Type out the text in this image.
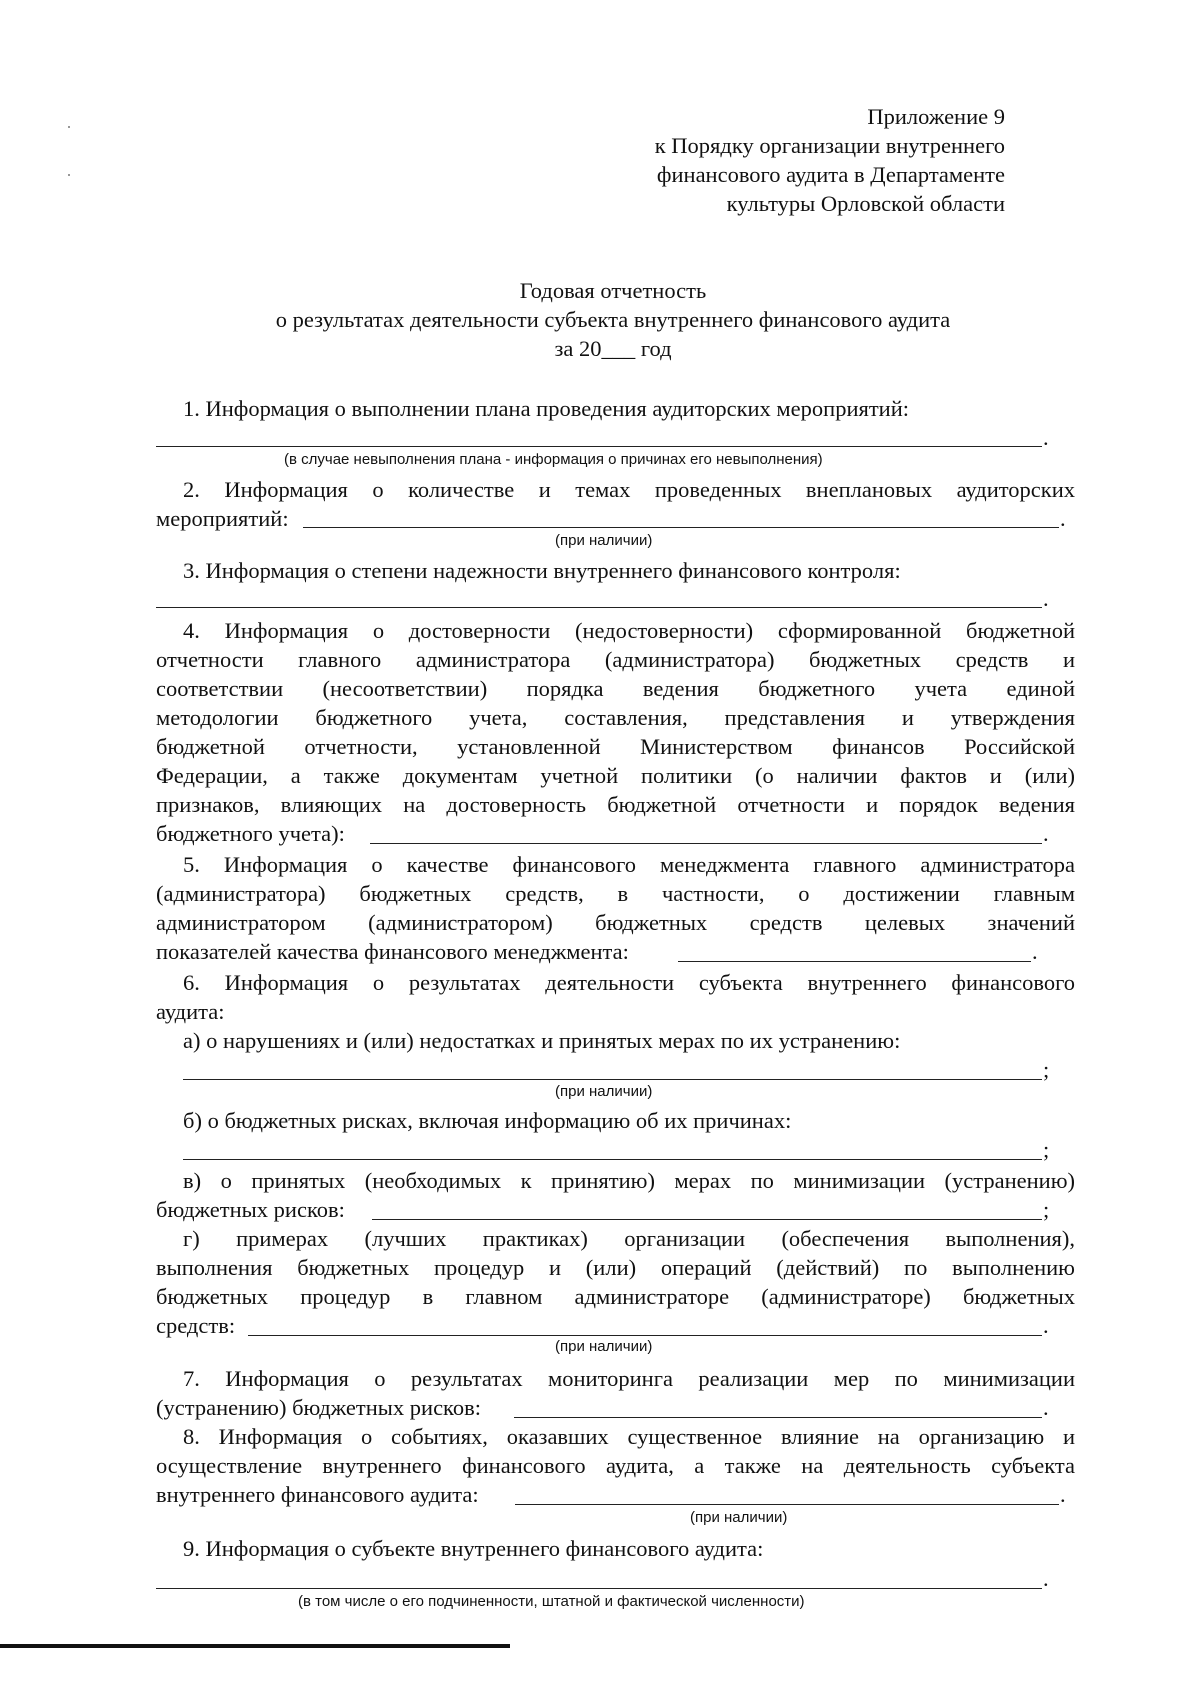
Приложение 9
к Порядку организации внутреннего
финансового аудита в Департаменте
культуры Орловской области
Годовая отчетность
о результатах деятельности субъекта внутреннего финансового аудита
за 20___ год
1. Информация о выполнении плана проведения аудиторских мероприятий:
.
(в случае невыполнения плана - информация о причинах его невыполнения)
2. Информация о количестве и темах проведенных внеплановых аудиторских
мероприятий:	.
(при наличии)
3. Информация о степени надежности внутреннего финансового контроля:
.
4. Информация о достоверности (недостоверности) сформированной бюджетной
отчетности главного администратора (администратора) бюджетных средств и
соответствии (несоответствии) порядка ведения бюджетного учета единой
методологии бюджетного учета, составления, представления и утверждения
бюджетной отчетности, установленной Министерством финансов Российской
Федерации, а также документам учетной политики (о наличии фактов и (или)
признаков, влияющих на достоверность бюджетной отчетности и порядок ведения
бюджетного учета):	.
5. Информация о качестве финансового менеджмента главного администратора
(администратора) бюджетных средств, в частности, о достижении главным
администратором (администратором) бюджетных средств целевых значений
показателей качества финансового менеджмента:	.
6. Информация о результатах деятельности субъекта внутреннего финансового
аудита:
а) о нарушениях и (или) недостатках и принятых мерах по их устранению:
;
(при наличии)
б) о бюджетных рисках, включая информацию об их причинах:
;
в) о принятых (необходимых к принятию) мерах по минимизации (устранению)
бюджетных рисков:	;
г) примерах (лучших практиках) организации (обеспечения выполнения),
выполнения бюджетных процедур и (или) операций (действий) по выполнению
бюджетных процедур в главном администраторе (администраторе) бюджетных
средств:	.
(при наличии)
7. Информация о результатах мониторинга реализации мер по минимизации
(устранению) бюджетных рисков:	.
8. Информация о событиях, оказавших существенное влияние на организацию и
осуществление внутреннего финансового аудита, а также на деятельность субъекта
внутреннего финансового аудита:	.
(при наличии)
9. Информация о субъекте внутреннего финансового аудита:
.
(в том числе о его подчиненности, штатной и фактической численности)
